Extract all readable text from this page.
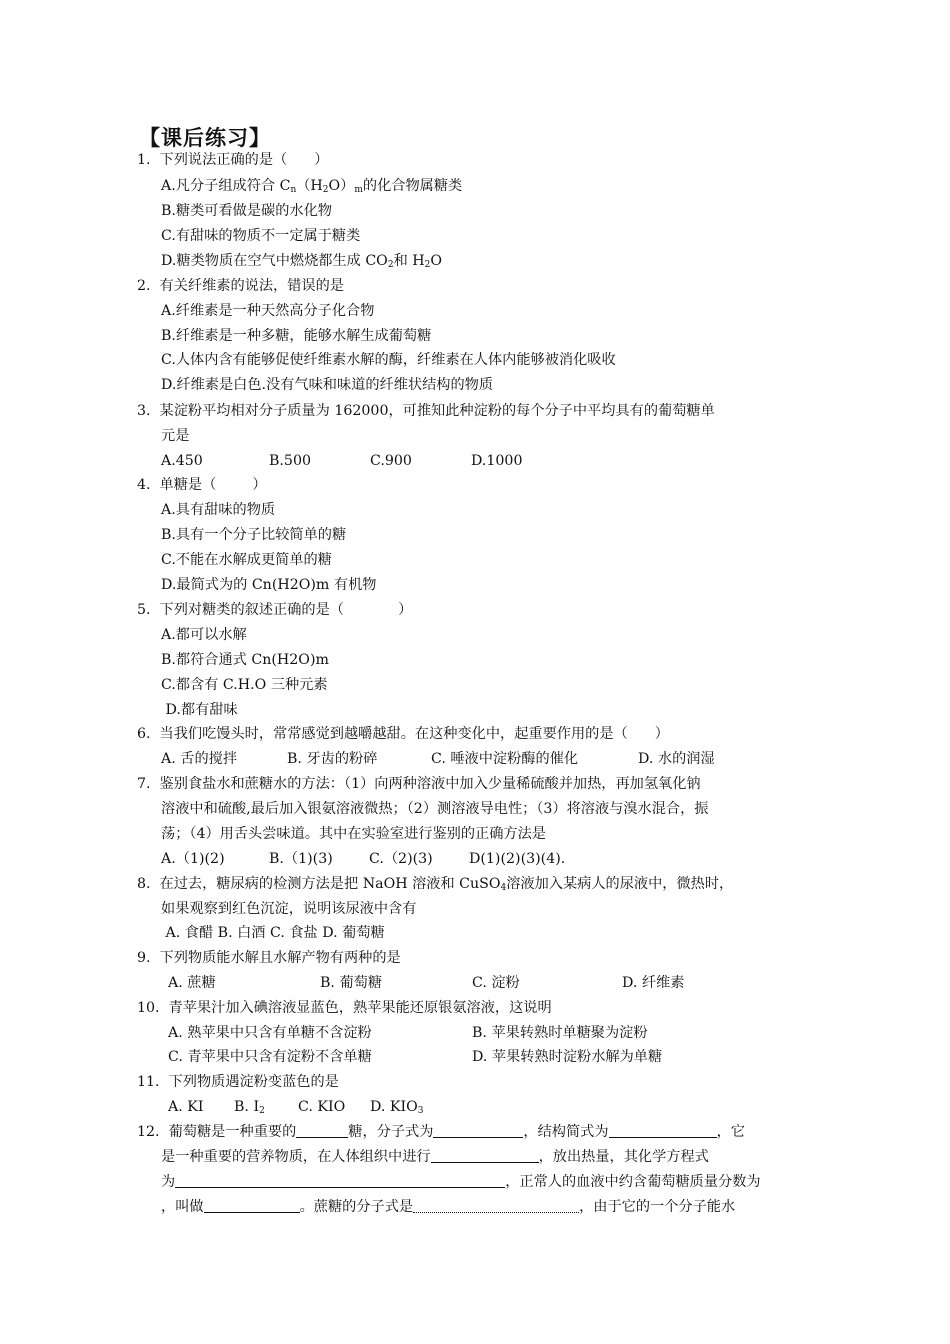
【课后练习】
1.  下列说法正确的是（      ）
A.凡分子组成符合 $C_n(H_2O)_m$的化合物属糖类
B.糖类可看做是碳的水化物
C.有甜味的物质不一定属于糖类
D.糖类物质在空气中燃烧都生成 $CO_2$和 $H_2O$
2.  有关纤维素的说法，错误的是
A.纤维素是一种天然高分子化合物
B.纤维素是一种多糖，能够水解生成葡萄糖
C.人体内含有能够促使纤维素水解的酶，纤维素在人体内能够被消化吸收
D.纤维素是白色.没有气味和味道的纤维状结构的物质
3.  某淀粉平均相对分子质量为 162000，可推知此种淀粉的每个分子中平均具有的葡萄糖单
元是
A.450	B.500	C.900	D.1000
4.  单糖是（        ）
A.具有甜味的物质
B.具有一个分子比较简单的糖
C.不能在水解成更简单的糖
D.最简式为的 Cn(H2O)m 有机物
5.  下列对糖类的叙述正确的是（            ）
A.都可以水解
B.都符合通式 Cn(H2O)m
C.都含有 C.H.O 三种元素
D.都有甜味
6.  当我们吃馒头时，常常感觉到越嚼越甜。在这种变化中，起重要作用的是（      ）
A. 舌的搅拌	B. 牙齿的粉碎	C. 唾液中淀粉酶的催化	D. 水的润湿
7.  鉴别食盐水和蔗糖水的方法：（1）向两种溶液中加入少量稀硫酸并加热，再加氢氧化钠
溶液中和硫酸,最后加入银氨溶液微热；（2）测溶液导电性；（3）将溶液与溴水混合，振
荡；（4）用舌头尝味道。其中在实验室进行鉴别的正确方法是
A.（1)(2)	B.（1)(3)	C.（2)(3)	D(1)(2)(3)(4).
8.  在过去，糖尿病的检测方法是把 NaOH 溶液和 CuSO$_4$溶液加入某病人的尿液中，微热时，
如果观察到红色沉淀，说明该尿液中含有
A. 食醋 B. 白酒 C. 食盐 D. 葡萄糖
9.  下列物质能水解且水解产物有两种的是
A. 蔗糖	B. 葡萄糖	C. 淀粉	D. 纤维素
10.  青苹果汁加入碘溶液显蓝色，熟苹果能还原银氨溶液，这说明
A. 熟苹果中只含有单糖不含淀粉	B. 苹果转熟时单糖聚为淀粉
C. 青苹果中只含有淀粉不含单糖	D. 苹果转熟时淀粉水解为单糖
11.  下列物质遇淀粉变蓝色的是
A. KI B. $I_2$ C. KIO D. $KIO_3$
12.  葡萄糖是一种重要的	糖，分子式为	，结构简式为	，它
是一种重要的营养物质，在人体组织中进行	，放出热量，其化学方程式
为	，正常人的血液中约含葡萄糖质量分数为
，叫做	。蔗糖的分子式是	，由于它的一个分子能水
